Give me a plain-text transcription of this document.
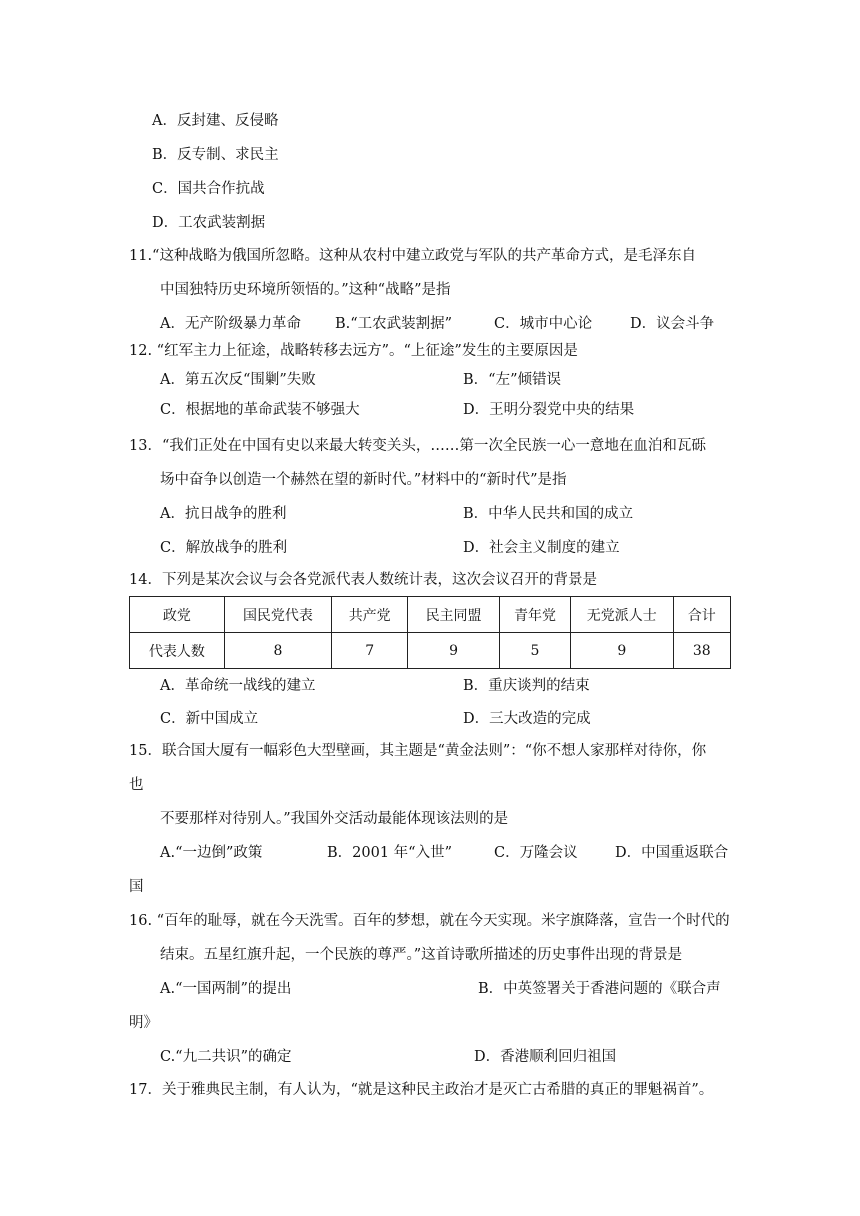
A．反封建、反侵略
B．反专制、求民主
C．国共合作抗战
D．工农武装割据
11.“这种战略为俄国所忽略。这种从农村中建立政党与军队的共产革命方式，是毛泽东自
中国独特历史环境所领悟的。”这种“战略”是指
A．无产阶级暴力革命 B.“工农武装割据”	C．城市中心论	D．议会斗争
12. “红军主力上征途，战略转移去远方”。“上征途”发生的主要原因是
A．第五次反“围剿”失败	B．“左”倾错误
C．根据地的革命武装不够强大	D．王明分裂党中央的结果
13．“我们正处在中国有史以来最大转变关头，……第一次全民族一心一意地在血泊和瓦砾
场中奋争以创造一个赫然在望的新时代。”材料中的“新时代”是指
A．抗日战争的胜利	B．中华人民共和国的成立
C．解放战争的胜利	D．社会主义制度的建立
14．下列是某次会议与会各党派代表人数统计表，这次会议召开的背景是
政党	国民党代表	共产党	民主同盟	青年党	无党派人士	合计
代表人数	8	7	9	5	9	38
A．革命统一战线的建立	B．重庆谈判的结束
C．新中国成立	D．三大改造的完成
15．联合国大厦有一幅彩色大型壁画，其主题是“黄金法则”：“你不想人家那样对待你，你
也
不要那样对待别人。”我国外交活动最能体现该法则的是
A.“一边倒”政策	B．2001 年“入世”	C．万隆会议	D．中国重返联合
国
16. “百年的耻辱，就在今天洗雪。百年的梦想，就在今天实现。米字旗降落，宣告一个时代的
结束。五星红旗升起，一个民族的尊严。”这首诗歌所描述的历史事件出现的背景是
A.“一国两制”的提出	B．中英签署关于香港问题的《联合声
明》
C.“九二共识”的确定	D．香港顺利回归祖国
17．关于雅典民主制，有人认为，“就是这种民主政治才是灭亡古希腊的真正的罪魁祸首”。
